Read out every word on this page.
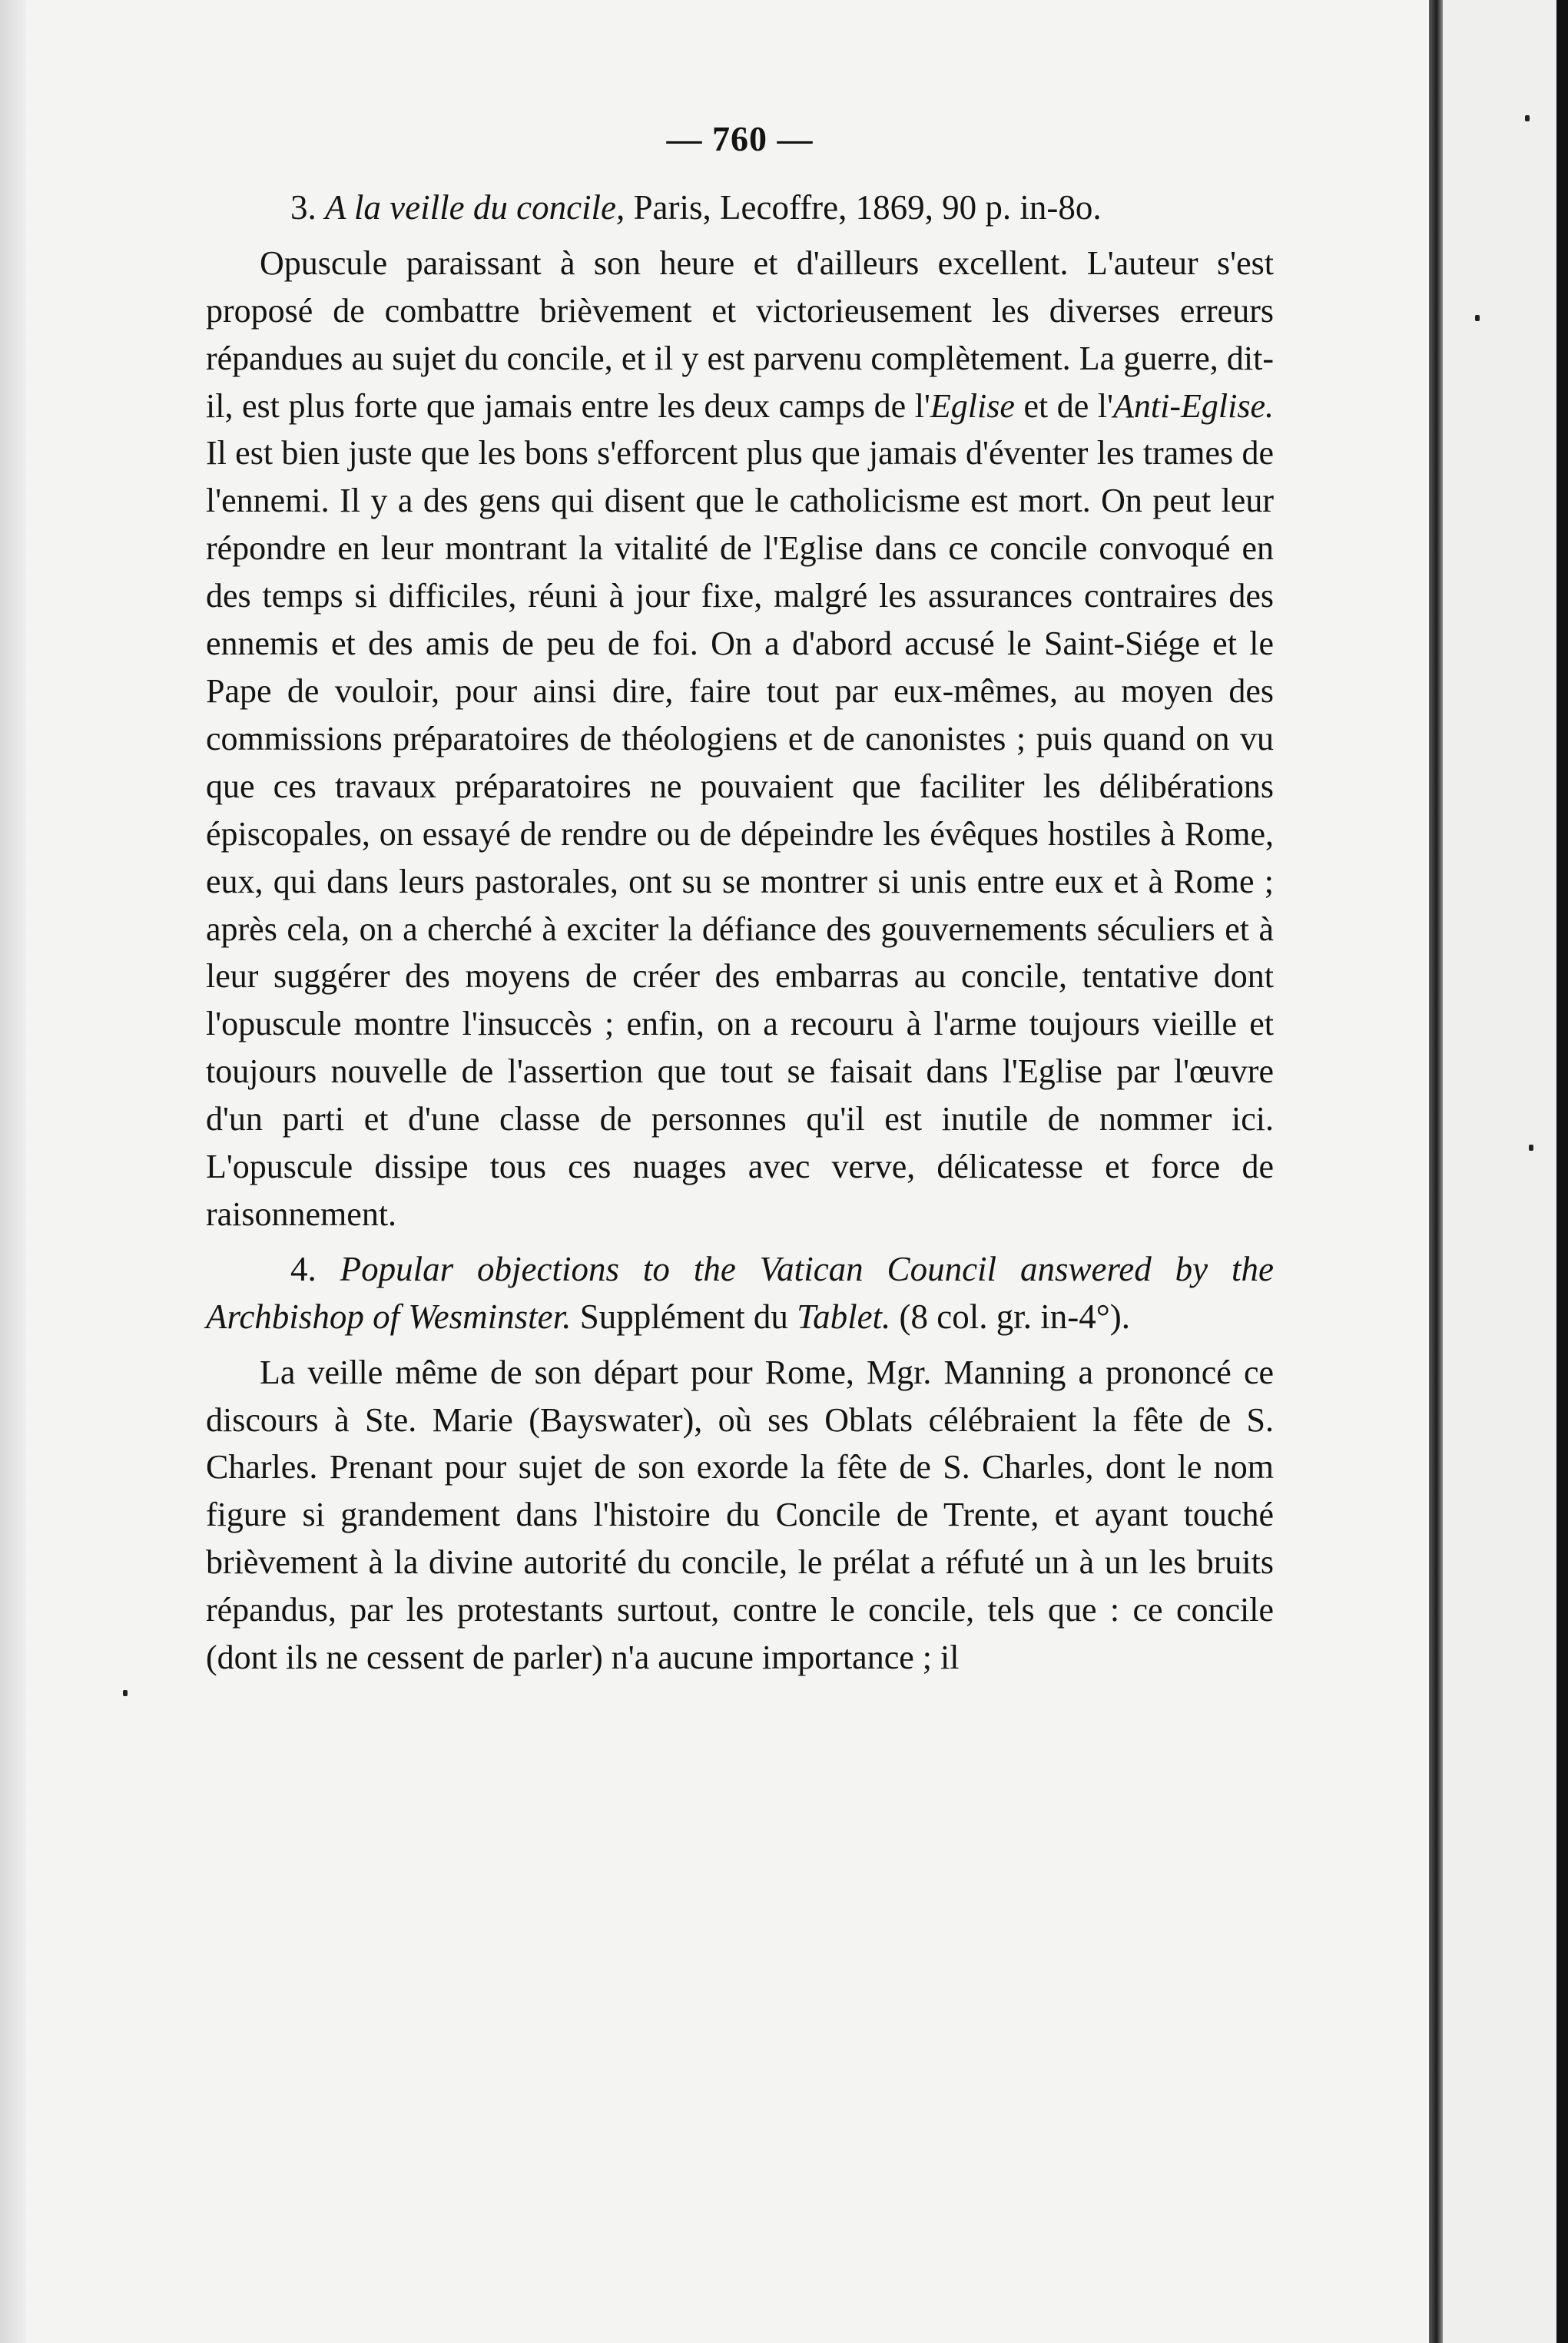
— 760 —

3. A la veille du concile, Paris, Lecoffre, 1869, 90 p. in-8o.

Opuscule paraissant à son heure et d'ailleurs excellent. L'auteur s'est proposé de combattre brièvement et victorieusement les diverses erreurs répandues au sujet du concile, et il y est parvenu complètement. La guerre, dit-il, est plus forte que jamais entre les deux camps de l'Eglise et de l'Anti-Eglise. Il est bien juste que les bons s'efforcent plus que jamais d'éventer les trames de l'ennemi. Il y a des gens qui disent que le catholicisme est mort. On peut leur répondre en leur montrant la vitalité de l'Eglise dans ce concile convoqué en des temps si difficiles, réuni à jour fixe, malgré les assurances contraires des ennemis et des amis de peu de foi. On a d'abord accusé le Saint-Siége et le Pape de vouloir, pour ainsi dire, faire tout par eux-mêmes, au moyen des commissions préparatoires de théologiens et de canonistes ; puis quand on vu que ces travaux préparatoires ne pouvaient que faciliter les délibérations épiscopales, on essayé de rendre ou de dépeindre les évêques hostiles à Rome, eux, qui dans leurs pastorales, ont su se montrer si unis entre eux et à Rome ; après cela, on a cherché à exciter la défiance des gouvernements séculiers et à leur suggérer des moyens de créer des embarras au concile, tentative dont l'opuscule montre l'insuccès ; enfin, on a recouru à l'arme toujours vieille et toujours nouvelle de l'assertion que tout se faisait dans l'Eglise par l'œuvre d'un parti et d'une classe de personnes qu'il est inutile de nommer ici. L'opuscule dissipe tous ces nuages avec verve, délicatesse et force de raisonnement.

4. Popular objections to the Vatican Council answered by the Archbishop of Wesminster. Supplément du Tablet. (8 col. gr. in-4°).

La veille même de son départ pour Rome, Mgr. Manning a prononcé ce discours à Ste. Marie (Bayswater), où ses Oblats célébraient la fête de S. Charles. Prenant pour sujet de son exorde la fête de S. Charles, dont le nom figure si grandement dans l'histoire du Concile de Trente, et ayant touché brièvement à la divine autorité du concile, le prélat a réfuté un à un les bruits répandus, par les protestants surtout, contre le concile, tels que : ce concile (dont ils ne cessent de parler) n'a aucune importance ; il
